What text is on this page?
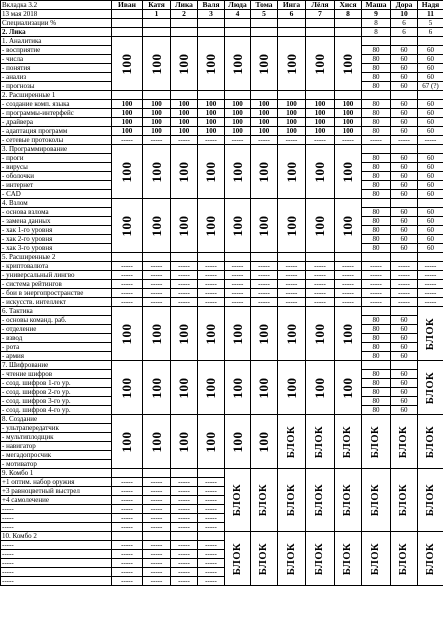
Вкладка 3.2	Иван	Катя	Лика	Валя	Люда	Тома	Инга	Лёля	Хися	Маша	Дора	Надя
13 мая 2018		1	2	3	4	5	6	7	8	9	10	11
Специализации %										8	6	5
2. Лика										8	6	6
1. Аналитика	100	100	100	100	100	100	100	100	100			

- восприятие										80	60	60
- числа										80	60	60
- понятия										80	60	60
- анализ										80	60	60
- прогнозы										80	60	67 (?)
2. Расширенные 1												
- создание комп. языка	100	100	100	100	100	100	100	100	100	80	60	60
- программы-интерфейс	100	100	100	100	100	100	100	100	100	80	60	60
- драйвера	100	100	100	100	100	100	100	100	100	80	60	60
- адаптация программ	100	100	100	100	100	100	100	100	100	80	60	60
- сетевые протоколы	-----	-----	-----	-----	-----	-----	-----	-----	-----	-----	-----	-----
3. Программирование	100	100	100	100	100	100	100	100	100			

- проги										80	60	60
- вирусы										80	60	60
- оболочки										80	60	60
- интернет										80	60	60
- CAD										80	60	60
4. Взлом	100	100	100	100	100	100	100	100	100			

- основа взлома										80	60	60
- замена данных										80	60	60
- хак 1-го уровня										80	60	60
- хак 2-го уровня										80	60	60
- хак 3-го уровня										80	60	60
5. Расширенные 2												
- криптовалюта	-----	-----	-----	-----	-----	-----	-----	-----	-----	-----	-----	-----
- универсальный лингво	-----	-----	-----	-----	-----	-----	-----	-----	-----	-----	-----	-----
- система рейтингов	-----	-----	-----	-----	-----	-----	-----	-----	-----	-----	-----	-----
- бои в энергопространстве	-----	-----	-----	-----	-----	-----	-----	-----	-----	-----	-----	-----
- искусств. интеллект	-----	-----	-----	-----	-----	-----	-----	-----	-----	-----	-----	-----
6. Тактика	100	100	100	100	100	100	100	100	100			БЛОК

- основы команд. раб.										80	60	
- отделение										80	60	
- взвод										80	60	
- рота										80	60	
- армия										80	60	
7. Шифрование	100	100	100	100	100	100	100	100	100			БЛОК

- чтение шифров										80	60	
- созд. шифров 1-го ур.										80	60	
- созд. шифров 2-го ур.										80	60	
- созд. шифров 3-го ур.										80	60	
- созд. шифров 4-го ур.										80	60	
8. Создание	100	100	100	100	100	100	БЛОК	БЛОК	БЛОК	БЛОК	БЛОК	БЛОК

- ультрапередатчик												
- мультиплодщик												
- навигатор												
- мегадопросчик												
- мотиватор												
9. Комбо 1					БЛОК	БЛОК	БЛОК	БЛОК	БЛОК	БЛОК	БЛОК	БЛОК

+1 оптим. набор оружия	-----	-----	-----	-----								
+3 равноцветный выстрел	-----	-----	-----	-----								
+4 самолечение	-----	-----	-----	-----								
-----	-----	-----	-----	-----								
-----	-----	-----	-----	-----								
-----	-----	-----	-----	-----								
10. Комбо 2					БЛОК	БЛОК	БЛОК	БЛОК	БЛОК	БЛОК	БЛОК	БЛОК

-----	-----	-----	-----	-----								
-----	-----	-----	-----	-----								
-----	-----	-----	-----	-----								
-----	-----	-----	-----	-----								
-----	-----	-----	-----	-----								
